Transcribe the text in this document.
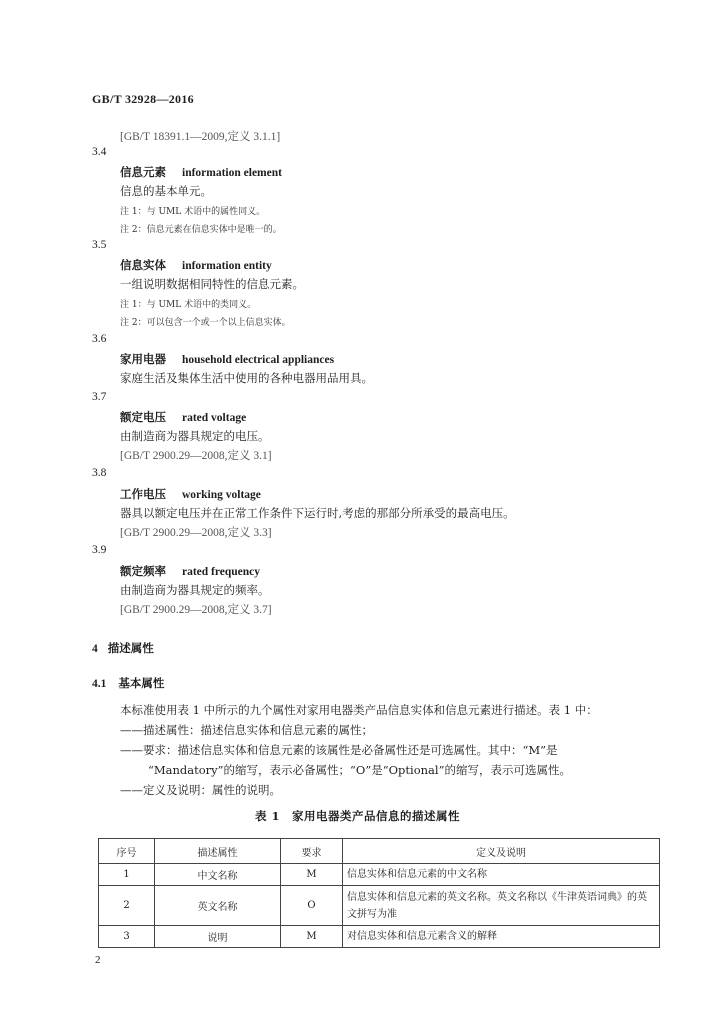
GB/T 32928—2016
[GB/T 18391.1—2009,定义 3.1.1]
3.4
信息元素 information element
信息的基本单元。
注 1：与 UML 术语中的属性同义。
注 2：信息元素在信息实体中是唯一的。
3.5
信息实体 information entity
一组说明数据相同特性的信息元素。
注 1：与 UML 术语中的类同义。
注 2：可以包含一个或一个以上信息实体。
3.6
家用电器 household electrical appliances
家庭生活及集体生活中使用的各种电器用品用具。
3.7
额定电压 rated voltage
由制造商为器具规定的电压。
[GB/T 2900.29—2008,定义 3.1]
3.8
工作电压 working voltage
器具以额定电压并在正常工作条件下运行时,考虑的那部分所承受的最高电压。
[GB/T 2900.29—2008,定义 3.3]
3.9
额定频率 rated frequency
由制造商为器具规定的频率。
[GB/T 2900.29—2008,定义 3.7]
4 描述属性
4.1 基本属性
本标准使用表 1 中所示的九个属性对家用电器类产品信息实体和信息元素进行描述。表 1 中：
——描述属性：描述信息实体和信息元素的属性；
——要求：描述信息实体和信息元素的该属性是必备属性还是可选属性。其中：“M”是
“Mandatory”的缩写，表示必备属性；“O”是“Optional”的缩写，表示可选属性。
——定义及说明：属性的说明。
表 1　家用电器类产品信息的描述属性
序号	描述属性	要求	定义及说明
1	中文名称	M	信息实体和信息元素的中文名称
2	英文名称	O	信息实体和信息元素的英文名称。英文名称以《牛津英语词典》的英文拼写为准
3	说明	M	对信息实体和信息元素含义的解释
2
